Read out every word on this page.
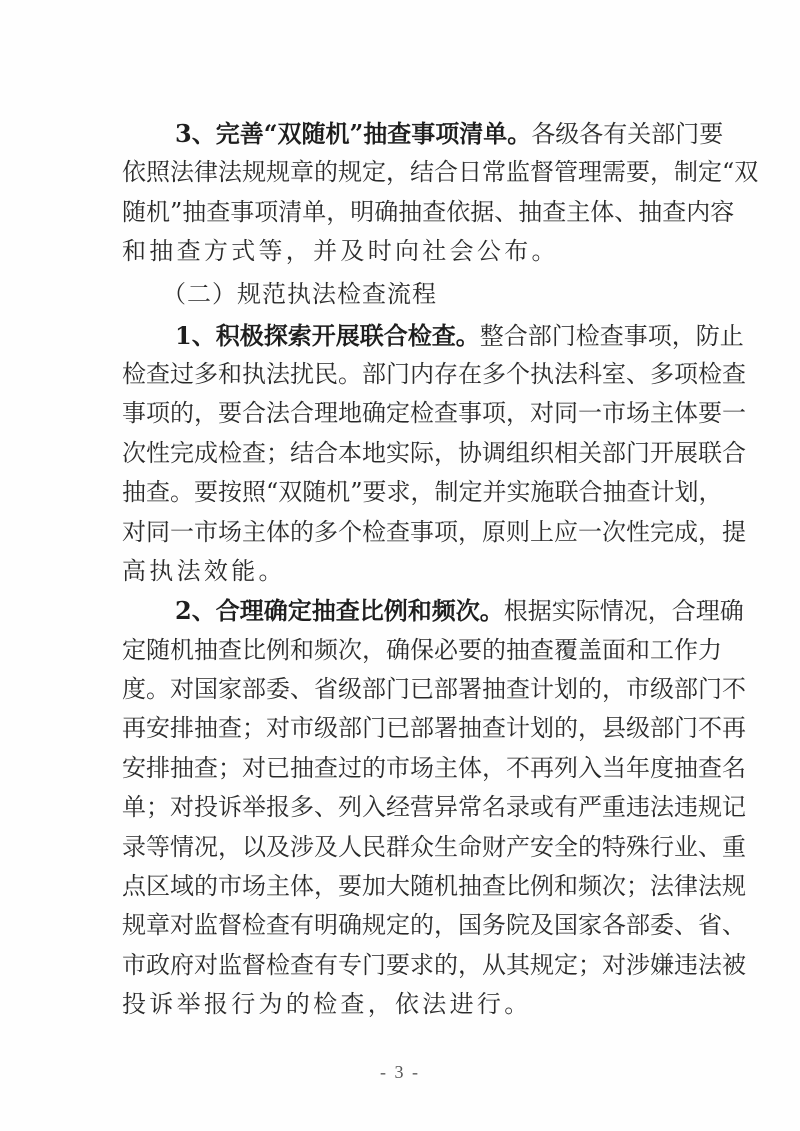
3、完善“双随机”抽查事项清单。各级各有关部门要
依照法律法规规章的规定，结合日常监督管理需要，制定“双
随机”抽查事项清单，明确抽查依据、抽查主体、抽查内容
和抽查方式等，并及时向社会公布。
（二）规范执法检查流程
1、积极探索开展联合检查。整合部门检查事项，防止
检查过多和执法扰民。部门内存在多个执法科室、多项检查
事项的，要合法合理地确定检查事项，对同一市场主体要一
次性完成检查；结合本地实际，协调组织相关部门开展联合
抽查。要按照“双随机”要求，制定并实施联合抽查计划，
对同一市场主体的多个检查事项，原则上应一次性完成，提
高执法效能。
2、合理确定抽查比例和频次。根据实际情况，合理确
定随机抽查比例和频次，确保必要的抽查覆盖面和工作力
度。对国家部委、省级部门已部署抽查计划的，市级部门不
再安排抽查；对市级部门已部署抽查计划的，县级部门不再
安排抽查；对已抽查过的市场主体，不再列入当年度抽查名
单；对投诉举报多、列入经营异常名录或有严重违法违规记
录等情况，以及涉及人民群众生命财产安全的特殊行业、重
点区域的市场主体，要加大随机抽查比例和频次；法律法规
规章对监督检查有明确规定的，国务院及国家各部委、省、
市政府对监督检查有专门要求的，从其规定；对涉嫌违法被
投诉举报行为的检查，依法进行。
- 3 -
